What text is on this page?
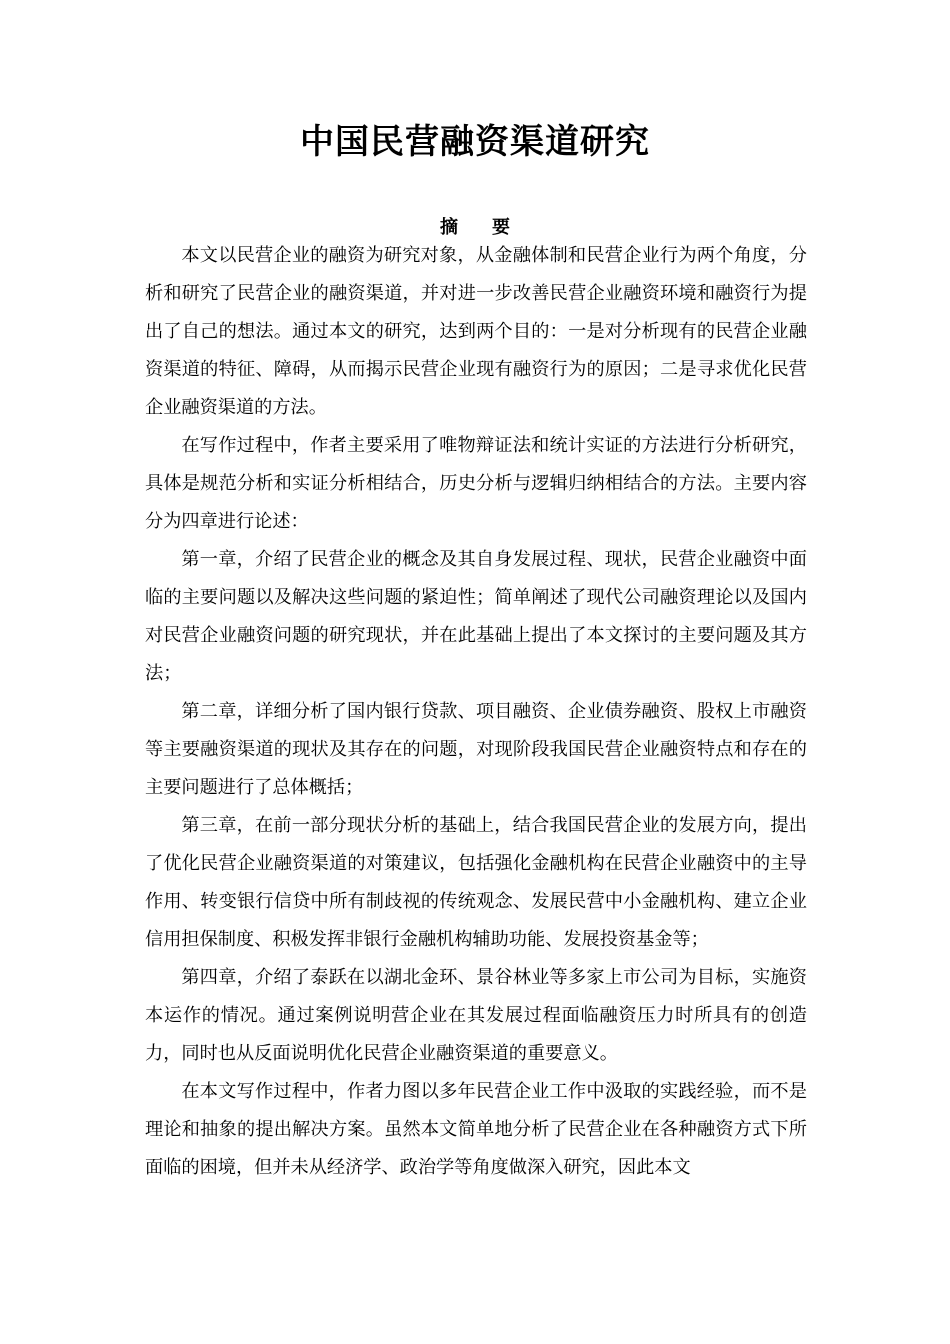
中国民营融资渠道研究
摘 要

本文以民营企业的融资为研究对象，从金融体制和民营企业行为两个角度，分析和研究了民营企业的融资渠道，并对进一步改善民营企业融资环境和融资行为提出了自己的想法。通过本文的研究，达到两个目的：一是对分析现有的民营企业融资渠道的特征、障碍，从而揭示民营企业现有融资行为的原因；二是寻求优化民营企业融资渠道的方法。

在写作过程中，作者主要采用了唯物辩证法和统计实证的方法进行分析研究，具体是规范分析和实证分析相结合，历史分析与逻辑归纳相结合的方法。主要内容分为四章进行论述：

第一章，介绍了民营企业的概念及其自身发展过程、现状，民营企业融资中面临的主要问题以及解决这些问题的紧迫性；简单阐述了现代公司融资理论以及国内对民营企业融资问题的研究现状，并在此基础上提出了本文探讨的主要问题及其方法；

第二章，详细分析了国内银行贷款、项目融资、企业债券融资、股权上市融资等主要融资渠道的现状及其存在的问题，对现阶段我国民营企业融资特点和存在的主要问题进行了总体概括；

第三章，在前一部分现状分析的基础上，结合我国民营企业的发展方向，提出了优化民营企业融资渠道的对策建议，包括强化金融机构在民营企业融资中的主导作用、转变银行信贷中所有制歧视的传统观念、发展民营中小金融机构、建立企业信用担保制度、积极发挥非银行金融机构辅助功能、发展投资基金等；

第四章，介绍了泰跃在以湖北金环、景谷林业等多家上市公司为目标，实施资本运作的情况。通过案例说明营企业在其发展过程面临融资压力时所具有的创造力，同时也从反面说明优化民营企业融资渠道的重要意义。

在本文写作过程中，作者力图以多年民营企业工作中汲取的实践经验，而不是理论和抽象的提出解决方案。虽然本文简单地分析了民营企业在各种融资方式下所面临的困境，但并未从经济学、政治学等角度做深入研究，因此本文
